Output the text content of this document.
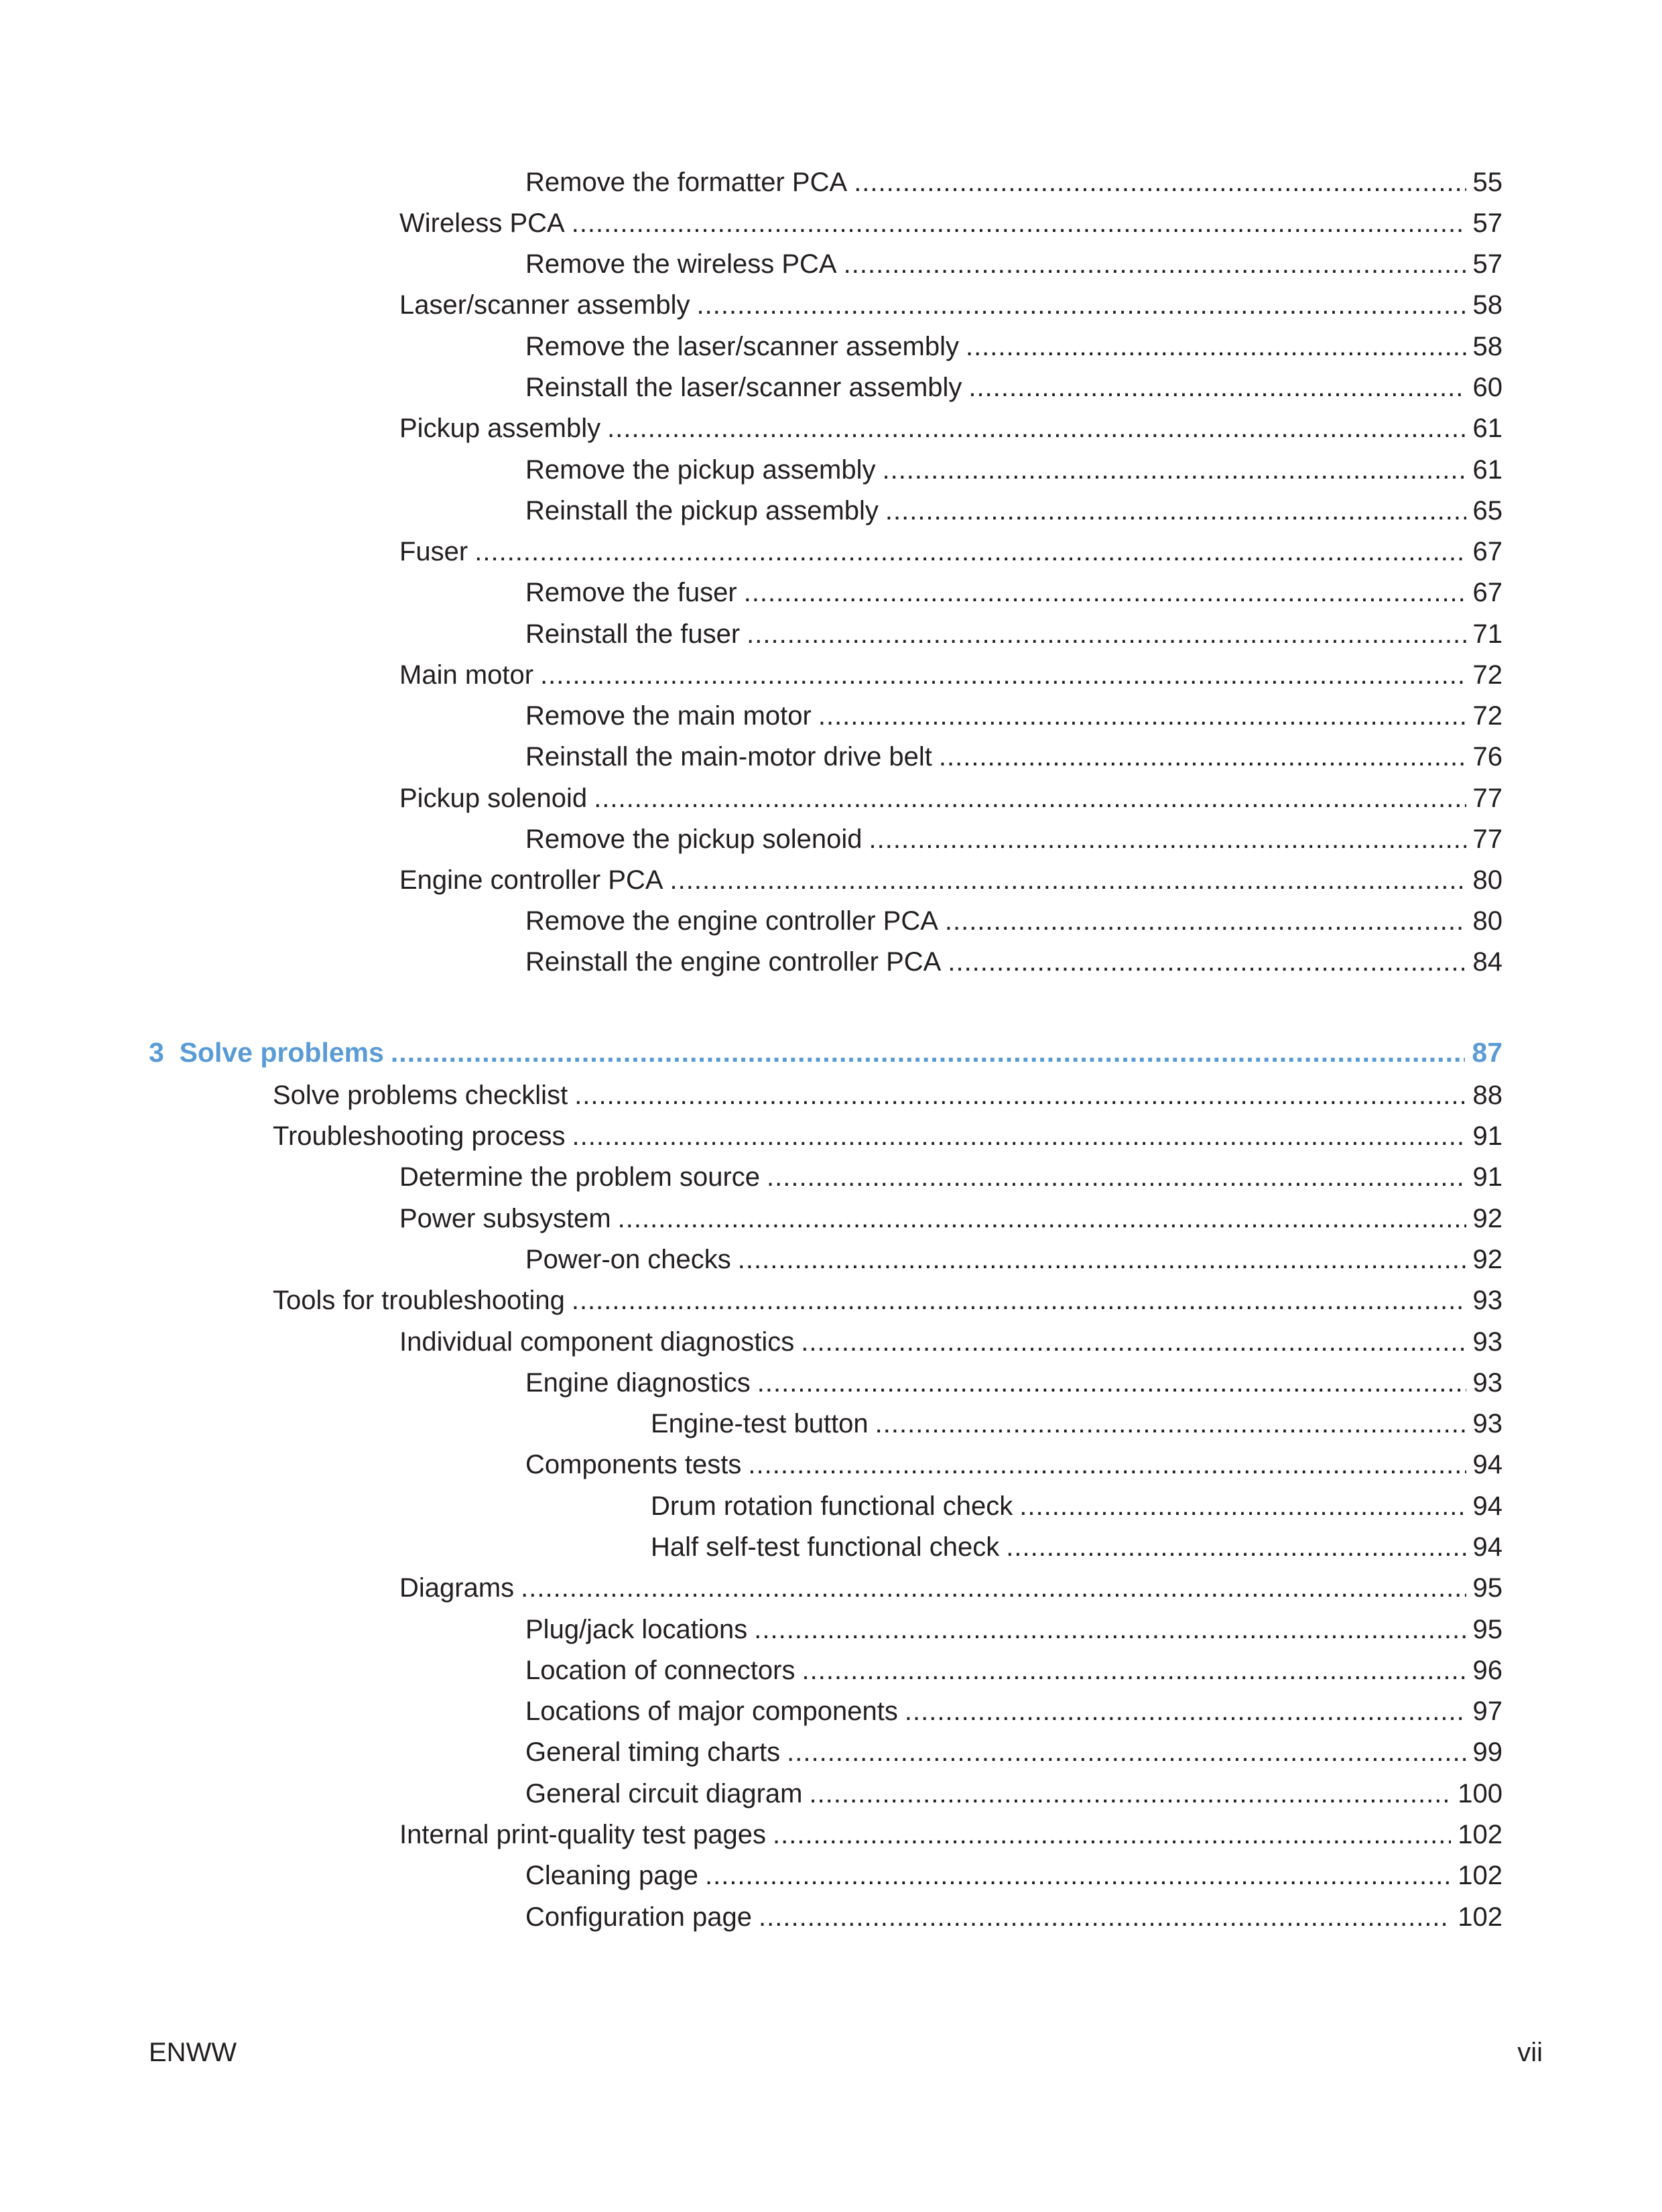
Remove the formatter PCA .....	55
Wireless PCA .....	57
Remove the wireless PCA .....	57
Laser/scanner assembly .....	58
Remove the laser/scanner assembly .....	58
Reinstall the laser/scanner assembly .....	60
Pickup assembly .....	61
Remove the pickup assembly .....	61
Reinstall the pickup assembly .....	65
Fuser .....	67
Remove the fuser .....	67
Reinstall the fuser .....	71
Main motor .....	72
Remove the main motor .....	72
Reinstall the main-motor drive belt .....	76
Pickup solenoid .....	77
Remove the pickup solenoid .....	77
Engine controller PCA .....	80
Remove the engine controller PCA .....	80
Reinstall the engine controller PCA .....	84
3  Solve problems .....	87
Solve problems checklist .....	88
Troubleshooting process .....	91
Determine the problem source .....	91
Power subsystem .....	92
Power-on checks .....	92
Tools for troubleshooting .....	93
Individual component diagnostics .....	93
Engine diagnostics .....	93
Engine-test button .....	93
Components tests .....	94
Drum rotation functional check .....	94
Half self-test functional check .....	94
Diagrams .....	95
Plug/jack locations .....	95
Location of connectors .....	96
Locations of major components .....	97
General timing charts .....	99
General circuit diagram .....	100
Internal print-quality test pages .....	102
Cleaning page .....	102
Configuration page .....	102
ENWW	vii
